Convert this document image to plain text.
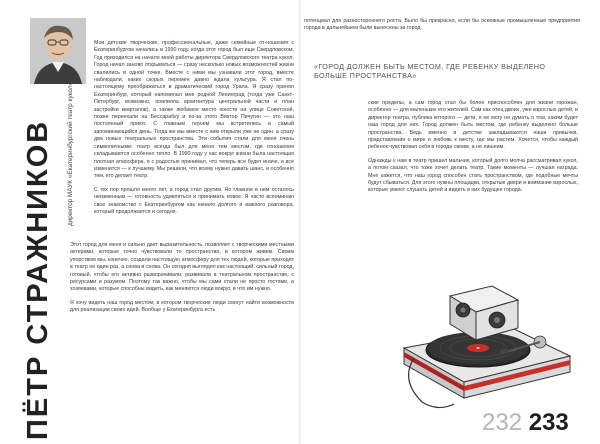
ПЁТР СТРАЖНИКОВ директор МАУК «Екатеринбургский театр кукол»

Мои детские творческие, профессиональные, даже семейные от-ношения с Екатеринбургом начались в 1990 году, когда этот город был еще Свердловском. Год приходился на начало моей работы директора Свердловского театра кукол. Город начал заново открываться — сразу несколько новых возможностей жизни свалились в одной точке. Вместе с ними мы узнавали этот город, вместе наблюдали, каких скорых перемен давно ждала культура. Я стал по-настоящему преображаться в драматический город Урала. Я сразу принял Екатеринбург, который напоминал мне родной Ленинград (тогда уже Санкт-Петербург, возможно, повлияла архитектура центральной части и план застройки кварталов), а также любимое место юности на улице Советской, позже переехали на Бессарабку и из-за этого Виктор Пичугин — это наш постоянный приют. С главным героем мы встретились в самый запоминающийся день. Тогда же мы вместе с ним открыли уже не один, а сразу два новых театральных пространства. Эти события стали для меня очень символичными: театр всегда был для меня тем местом, где отношения складываются особенно тепло. В 1990 году у нас вокруг жизни была настоящая плотная атмосфера, я с радостью принимал, что теперь все будет иначе, и все изменится — к лучшему. Мы решили, что всему нужно давать шанс, и особенно тем, кто делает театр.

С тех пор прошло много лет, а город стал другим. Но главное в нем осталось неизменным — готовность удивляться и принимать новое. Я часто вспоминаю свое знакомство с Екатеринбургом как начало долгого и важного разговора, который продолжается и сегодня.

Этот город для меня и сильно дает выразительность, позволяет с творческими местными актерами, которые точно чувствовали то пространство, в котором живем. Своим упорством мы, конечно, создали настоящую атмосферу для тех людей, которые приходят в театр не один раз, а снова и снова. Он сегодня выглядел как настоящий, сильный город, готовый, чтобы его активно разворачивали, развивали в театральном пространстве, с ресурсами и разумом. Поэтому так важно, чтобы мы сами стали не просто гостями, а хозяевами, которые способны видеть, как меняются люди вокруг, и что им нужно.

Я хочу видеть наш город местом, в котором творческие люди смогут найти возможности для реализации своих идей. Вообще у Екатеринбурга есть

потенциал для разностороннего роста. Было бы прекрасно, если бы основные промышленные предприятия города в дальнейшем были вынесены за город.

«ГОРОД ДОЛЖЕН БЫТЬ МЕСТОМ, ГДЕ РЕБЕНКУ ВЫДЕЛЕНО БОЛЬШЕ ПРОСТРАНСТВА»

ские пределы, а сам город стал бы более приспособлен для жизни горожан, особенно — для маленьких его жителей. Сам как отец двоих, уже взрослых детей, и директор театра, публика которого — дети, я не могу не думать о том, каким будет наш город для них. Город должен быть местом, где ребенку выделено больше пространства. Ведь именно в детстве закладываются наши привычки, представления о мире и любовь к месту, где мы растем. Хочется, чтобы каждый ребенок чувствовал себя в городе своим, а не лишним.

Однажды к нам в театр пришел мальчик, который долго молча рассматривал кукол, а потом сказал, что тоже хочет делать театр. Такие моменты — лучшая награда. Мне кажется, что наш город способен стать пространством, где подобные мечты будут сбываться. Для этого нужны площадки, открытые двери и внимание взрослых, которые умеют слушать детей и видеть в них будущее города.

232 233
